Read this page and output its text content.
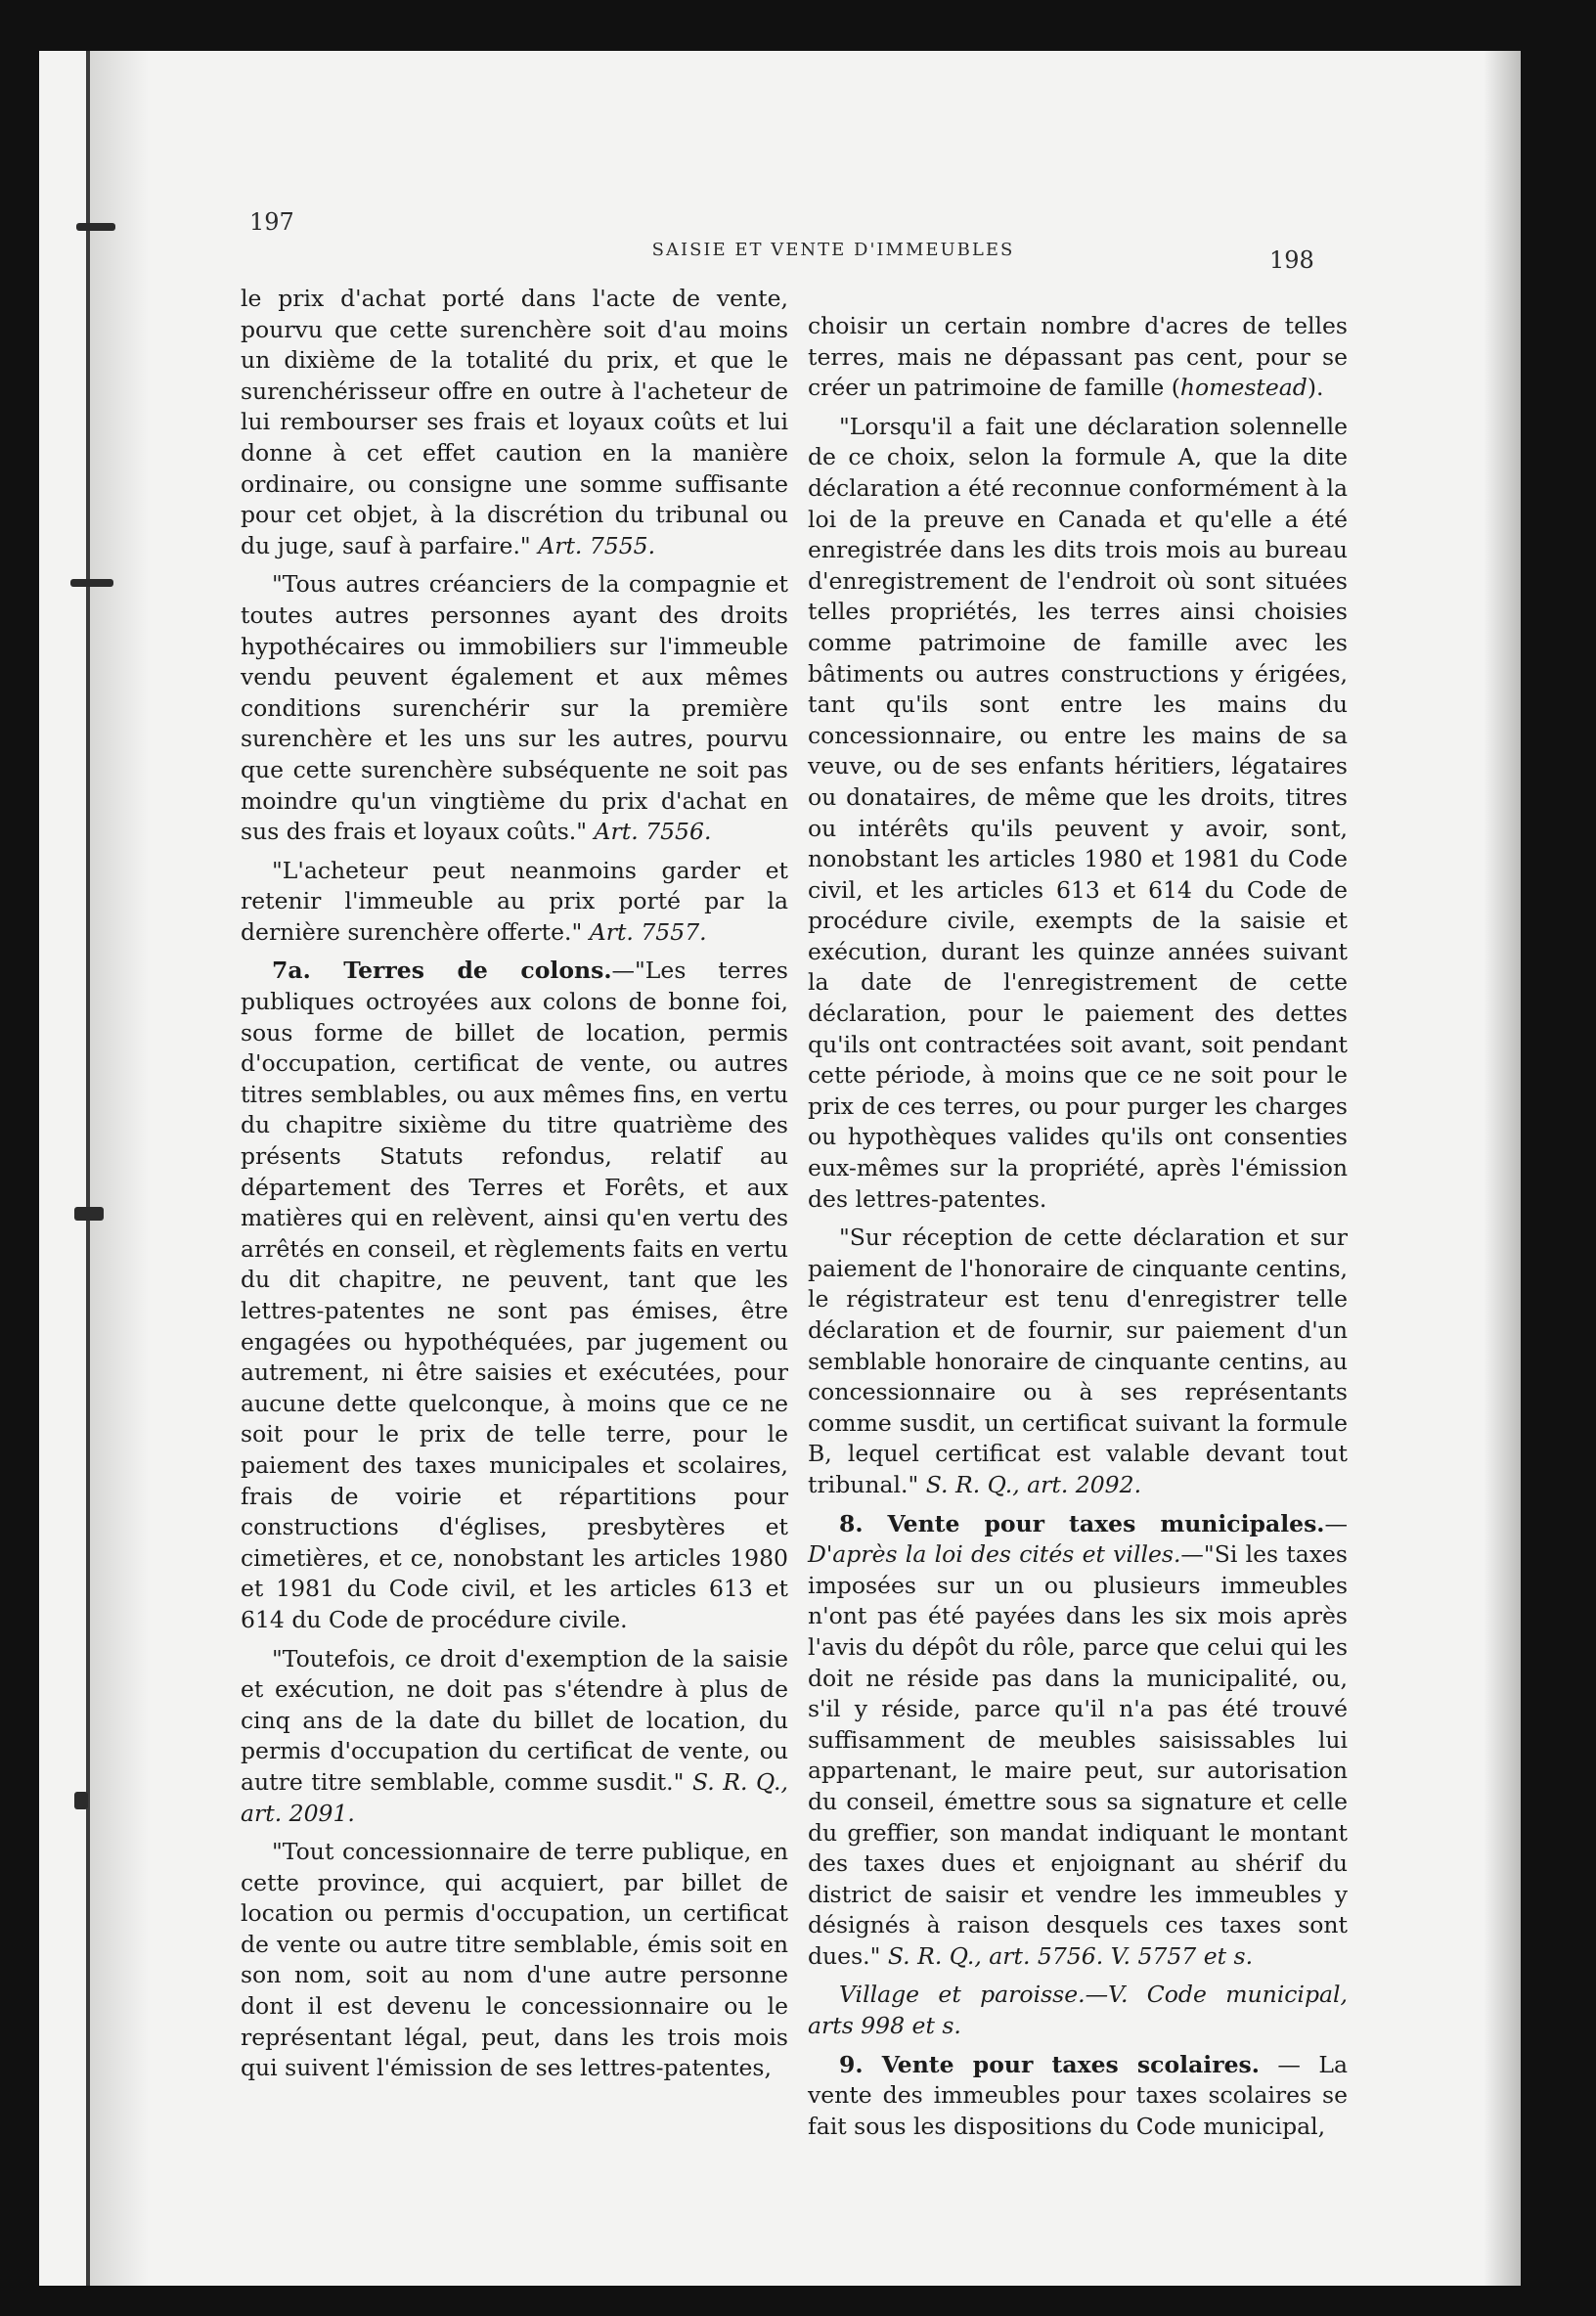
197
SAISIE ET VENTE D'IMMEUBLES	198

le prix d'achat porté dans l'acte de vente, pourvu que cette surenchère soit d'au moins un dixième de la totalité du prix, et que le surenchérisseur offre en outre à l'acheteur de lui rembourser ses frais et loyaux coûts et lui donne à cet effet caution en la manière ordinaire, ou consigne une somme suffisante pour cet objet, à la discrétion du tribunal ou du juge, sauf à parfaire." Art. 7555.

"Tous autres créanciers de la compagnie et toutes autres personnes ayant des droits hypothécaires ou immobiliers sur l'immeuble vendu peuvent également et aux mêmes conditions surenchérir sur la première surenchère et les uns sur les autres, pourvu que cette surenchère subséquente ne soit pas moindre qu'un vingtième du prix d'achat en sus des frais et loyaux coûts." Art. 7556.

"L'acheteur peut neanmoins garder et retenir l'immeuble au prix porté par la dernière surenchère offerte." Art. 7557.

7a. Terres de colons.—"Les terres publiques octroyées aux colons de bonne foi, sous forme de billet de location, permis d'occupation, certificat de vente, ou autres titres semblables, ou aux mêmes fins, en vertu du chapitre sixième du titre quatrième des présents Statuts refondus, relatif au département des Terres et Forêts, et aux matières qui en relèvent, ainsi qu'en vertu des arrêtés en conseil, et règlements faits en vertu du dit chapitre, ne peuvent, tant que les lettres-patentes ne sont pas émises, être engagées ou hypothéquées, par jugement ou autrement, ni être saisies et exécutées, pour aucune dette quelconque, à moins que ce ne soit pour le prix de telle terre, pour le paiement des taxes municipales et scolaires, frais de voirie et répartitions pour constructions d'églises, presbytères et cimetières, et ce, nonobstant les articles 1980 et 1981 du Code civil, et les articles 613 et 614 du Code de procédure civile.

"Toutefois, ce droit d'exemption de la saisie et exécution, ne doit pas s'étendre à plus de cinq ans de la date du billet de location, du permis d'occupation du certificat de vente, ou autre titre semblable, comme susdit." S. R. Q., art. 2091.

"Tout concessionnaire de terre publique, en cette province, qui acquiert, par billet de location ou permis d'occupation, un certificat de vente ou autre titre semblable, émis soit en son nom, soit au nom d'une autre personne dont il est devenu le concessionnaire ou le représentant légal, peut, dans les trois mois qui suivent l'émission de ses lettres-patentes,

choisir un certain nombre d'acres de telles terres, mais ne dépassant pas cent, pour se créer un patrimoine de famille (homestead).

"Lorsqu'il a fait une déclaration solennelle de ce choix, selon la formule A, que la dite déclaration a été reconnue conformément à la loi de la preuve en Canada et qu'elle a été enregistrée dans les dits trois mois au bureau d'enregistrement de l'endroit où sont situées telles propriétés, les terres ainsi choisies comme patrimoine de famille avec les bâtiments ou autres constructions y érigées, tant qu'ils sont entre les mains du concessionnaire, ou entre les mains de sa veuve, ou de ses enfants héritiers, légataires ou donataires, de même que les droits, titres ou intérêts qu'ils peuvent y avoir, sont, nonobstant les articles 1980 et 1981 du Code civil, et les articles 613 et 614 du Code de procédure civile, exempts de la saisie et exécution, durant les quinze années suivant la date de l'enregistrement de cette déclaration, pour le paiement des dettes qu'ils ont contractées soit avant, soit pendant cette période, à moins que ce ne soit pour le prix de ces terres, ou pour purger les charges ou hypothèques valides qu'ils ont consenties eux-mêmes sur la propriété, après l'émission des lettres-patentes.

"Sur réception de cette déclaration et sur paiement de l'honoraire de cinquante centins, le régistrateur est tenu d'enregistrer telle déclaration et de fournir, sur paiement d'un semblable honoraire de cinquante centins, au concessionnaire ou à ses représentants comme susdit, un certificat suivant la formule B, lequel certificat est valable devant tout tribunal." S. R. Q., art. 2092.

8. Vente pour taxes municipales.—D'après la loi des cités et villes.—"Si les taxes imposées sur un ou plusieurs immeubles n'ont pas été payées dans les six mois après l'avis du dépôt du rôle, parce que celui qui les doit ne réside pas dans la municipalité, ou, s'il y réside, parce qu'il n'a pas été trouvé suffisamment de meubles saisissables lui appartenant, le maire peut, sur autorisation du conseil, émettre sous sa signature et celle du greffier, son mandat indiquant le montant des taxes dues et enjoignant au shérif du district de saisir et vendre les immeubles y désignés à raison desquels ces taxes sont dues." S. R. Q., art. 5756. V. 5757 et s.

Village et paroisse.—V. Code municipal, arts 998 et s.

9. Vente pour taxes scolaires. — La vente des immeubles pour taxes scolaires se fait sous les dispositions du Code municipal,
